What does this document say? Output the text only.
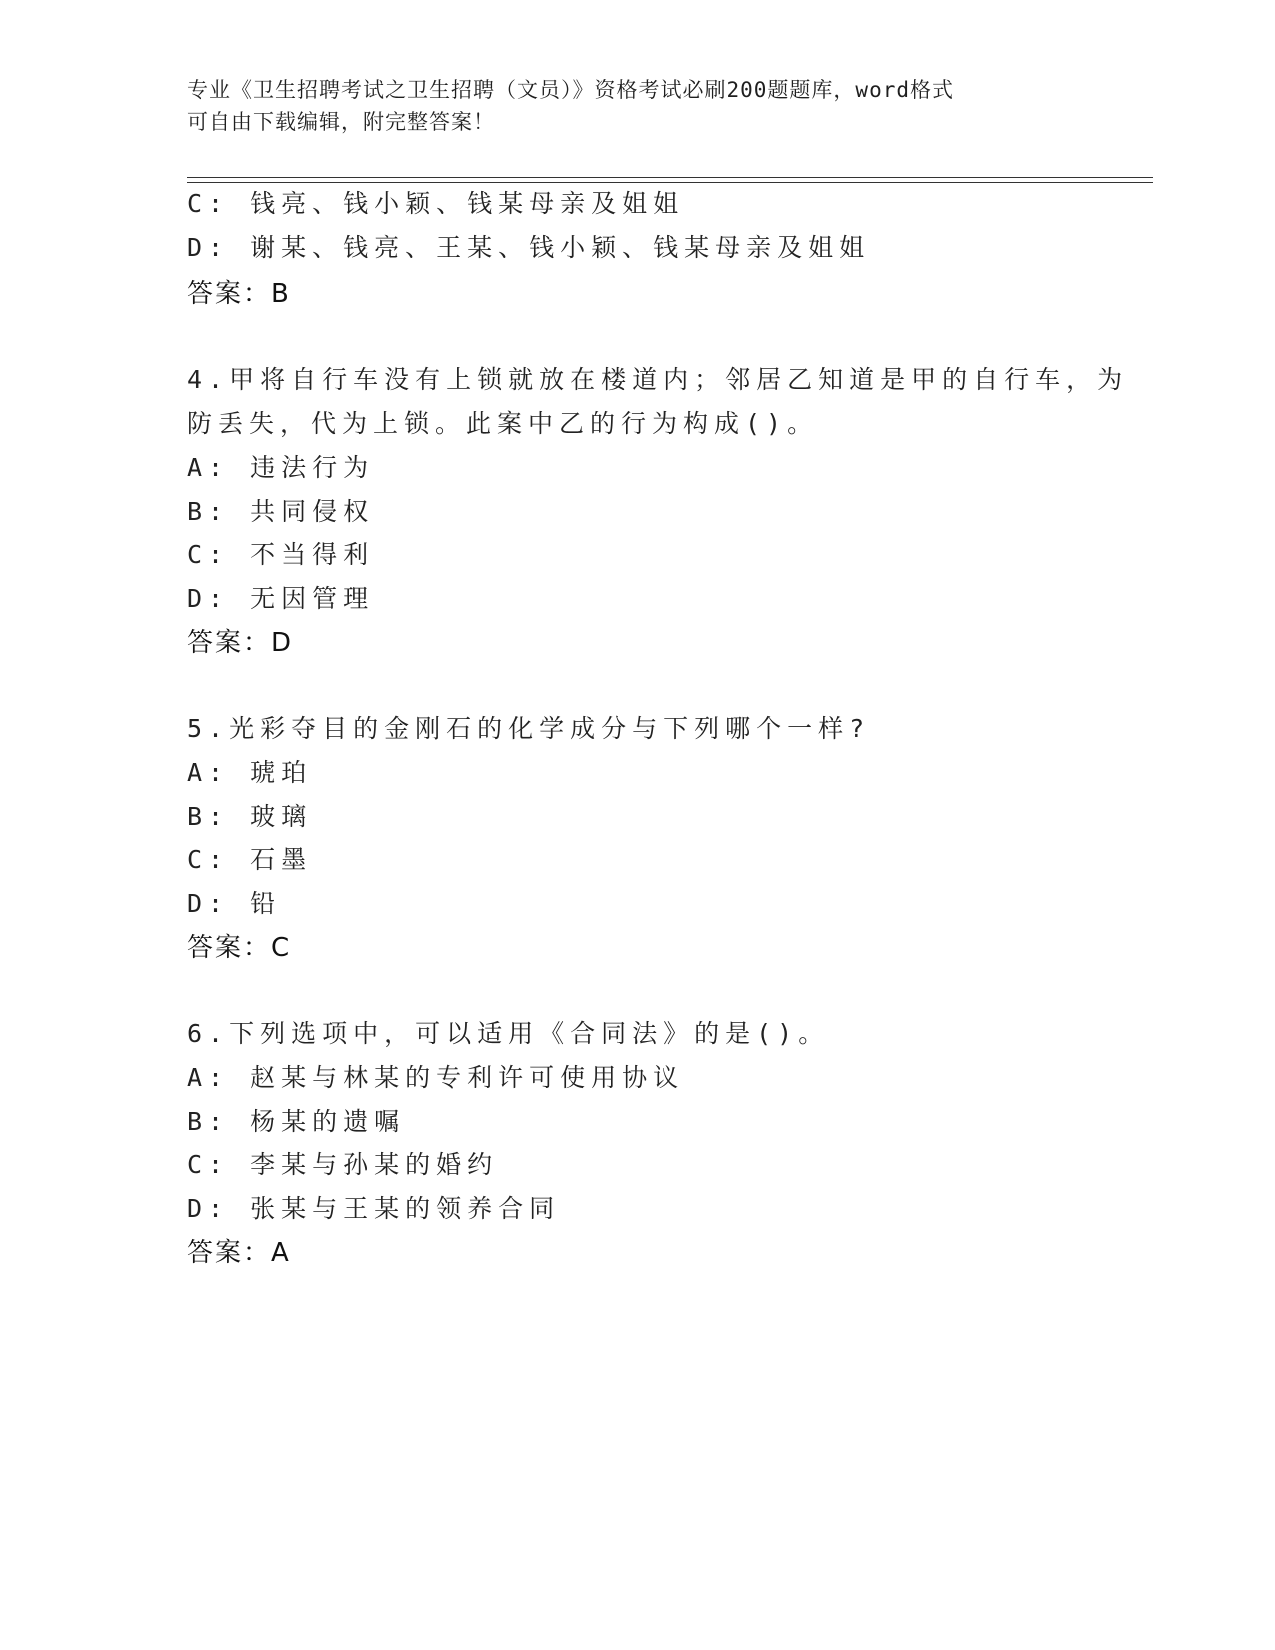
专业《卫生招聘考试之卫生招聘（文员）》资格考试必刷200题题库，word格式
可自由下载编辑，附完整答案！
C: 钱亮、钱小颖、钱某母亲及姐姐
D: 谢某、钱亮、王某、钱小颖、钱某母亲及姐姐
答案：B
4.甲将自行车没有上锁就放在楼道内；邻居乙知道是甲的自行车，为
防丢失，代为上锁。此案中乙的行为构成()。
A: 违法行为
B: 共同侵权
C: 不当得利
D: 无因管理
答案：D
5.光彩夺目的金刚石的化学成分与下列哪个一样?
A: 琥珀
B: 玻璃
C: 石墨
D: 铅
答案：C
6.下列选项中，可以适用《合同法》的是()。
A: 赵某与林某的专利许可使用协议
B: 杨某的遗嘱
C: 李某与孙某的婚约
D: 张某与王某的领养合同
答案：A
